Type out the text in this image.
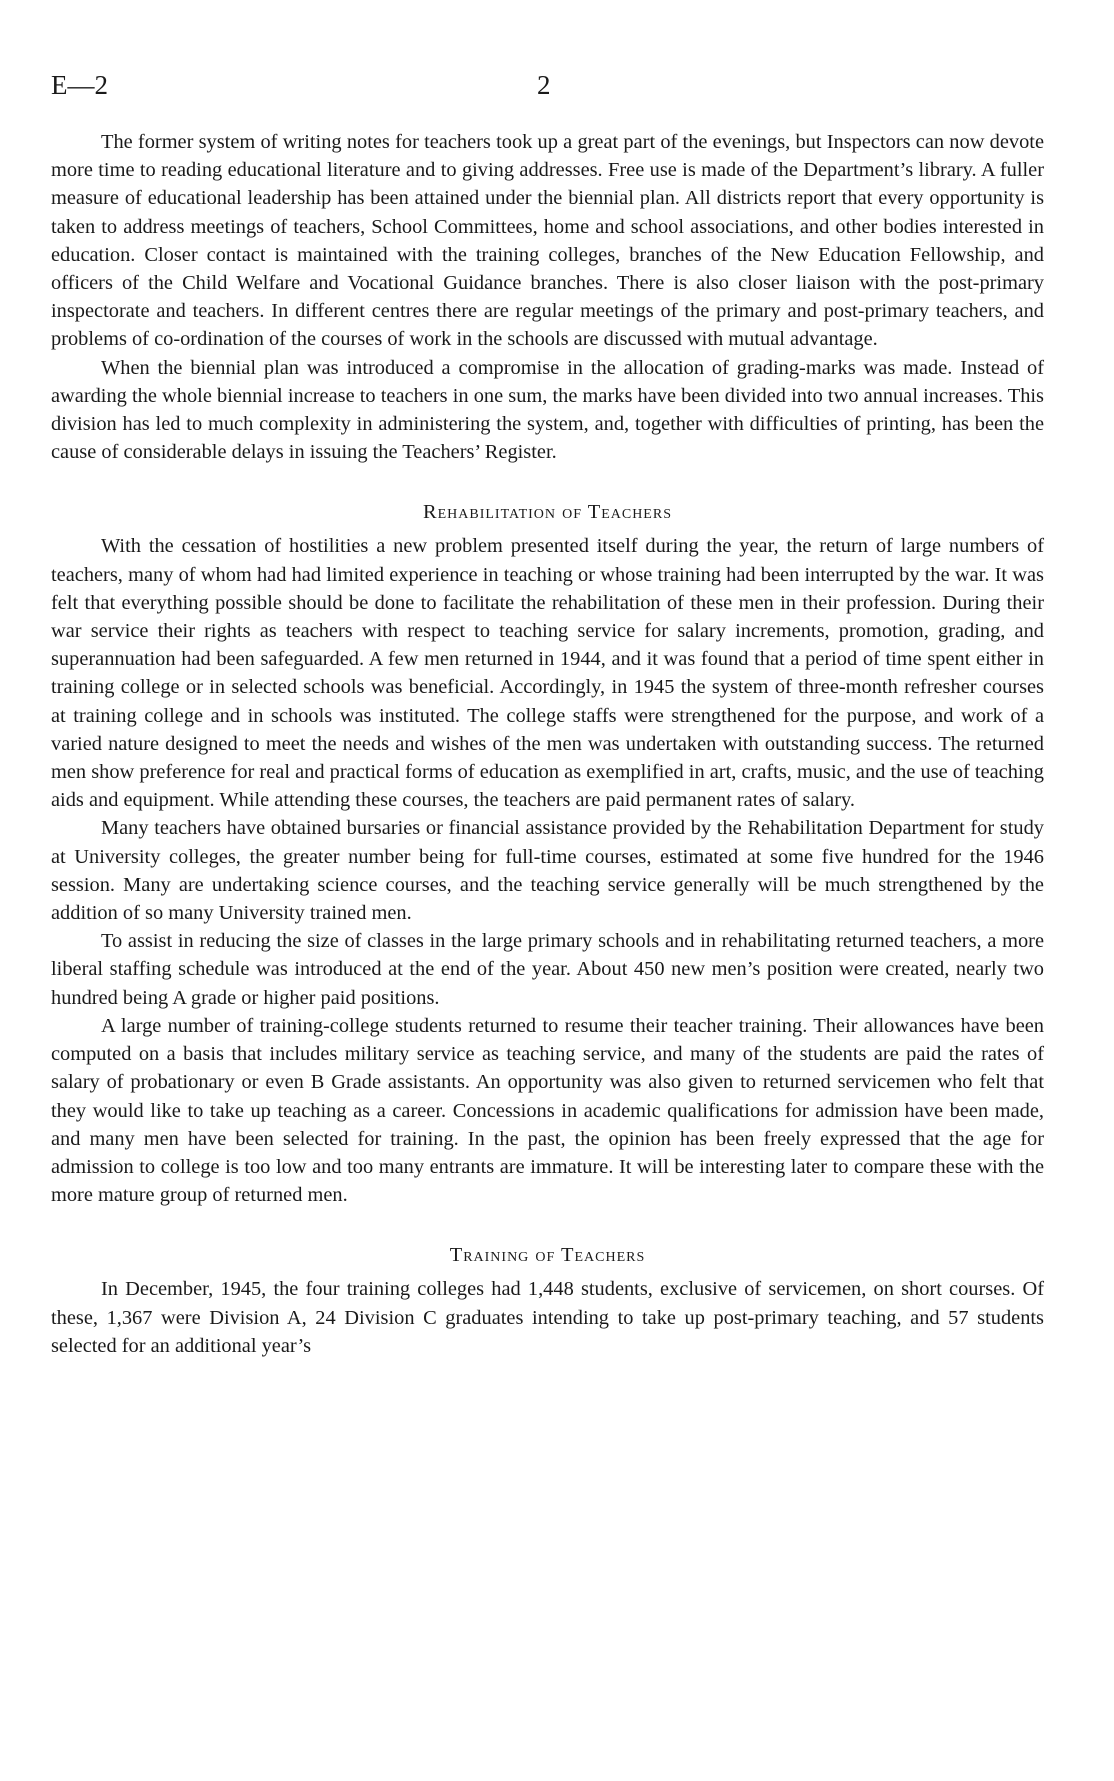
E—2	2

The former system of writing notes for teachers took up a great part of the evenings, but Inspectors can now devote more time to reading educational literature and to giving addresses. Free use is made of the Department’s library. A fuller measure of educational leadership has been attained under the biennial plan. All districts report that every opportunity is taken to address meetings of teachers, School Committees, home and school associations, and other bodies interested in education. Closer contact is maintained with the training colleges, branches of the New Education Fellowship, and officers of the Child Welfare and Vocational Guidance branches. There is also closer liaison with the post-primary inspectorate and teachers. In different centres there are regular meetings of the primary and post-primary teachers, and problems of co-ordination of the courses of work in the schools are discussed with mutual advantage.

When the biennial plan was introduced a compromise in the allocation of grading-marks was made. Instead of awarding the whole biennial increase to teachers in one sum, the marks have been divided into two annual increases. This division has led to much complexity in administering the system, and, together with difficulties of printing, has been the cause of considerable delays in issuing the Teachers’ Register.

Rehabilitation of Teachers

With the cessation of hostilities a new problem presented itself during the year, the return of large numbers of teachers, many of whom had had limited experience in teaching or whose training had been interrupted by the war. It was felt that everything possible should be done to facilitate the rehabilitation of these men in their profession. During their war service their rights as teachers with respect to teaching service for salary increments, promotion, grading, and superannuation had been safeguarded. A few men returned in 1944, and it was found that a period of time spent either in training college or in selected schools was beneficial. Accordingly, in 1945 the system of three-month refresher courses at training college and in schools was instituted. The college staffs were strengthened for the purpose, and work of a varied nature designed to meet the needs and wishes of the men was undertaken with outstanding success. The returned men show preference for real and practical forms of education as exemplified in art, crafts, music, and the use of teaching aids and equipment. While attending these courses, the teachers are paid permanent rates of salary.

Many teachers have obtained bursaries or financial assistance provided by the Rehabilitation Department for study at University colleges, the greater number being for full-time courses, estimated at some five hundred for the 1946 session. Many are undertaking science courses, and the teaching service generally will be much strengthened by the addition of so many University trained men.

To assist in reducing the size of classes in the large primary schools and in rehabilitating returned teachers, a more liberal staffing schedule was introduced at the end of the year. About 450 new men’s position were created, nearly two hundred being A grade or higher paid positions.

A large number of training-college students returned to resume their teacher training. Their allowances have been computed on a basis that includes military service as teaching service, and many of the students are paid the rates of salary of probationary or even B Grade assistants. An opportunity was also given to returned servicemen who felt that they would like to take up teaching as a career. Concessions in academic qualifications for admission have been made, and many men have been selected for training. In the past, the opinion has been freely expressed that the age for admission to college is too low and too many entrants are immature. It will be interesting later to compare these with the more mature group of returned men.

Training of Teachers

In December, 1945, the four training colleges had 1,448 students, exclusive of servicemen, on short courses. Of these, 1,367 were Division A, 24 Division C graduates intending to take up post-primary teaching, and 57 students selected for an additional year’s
